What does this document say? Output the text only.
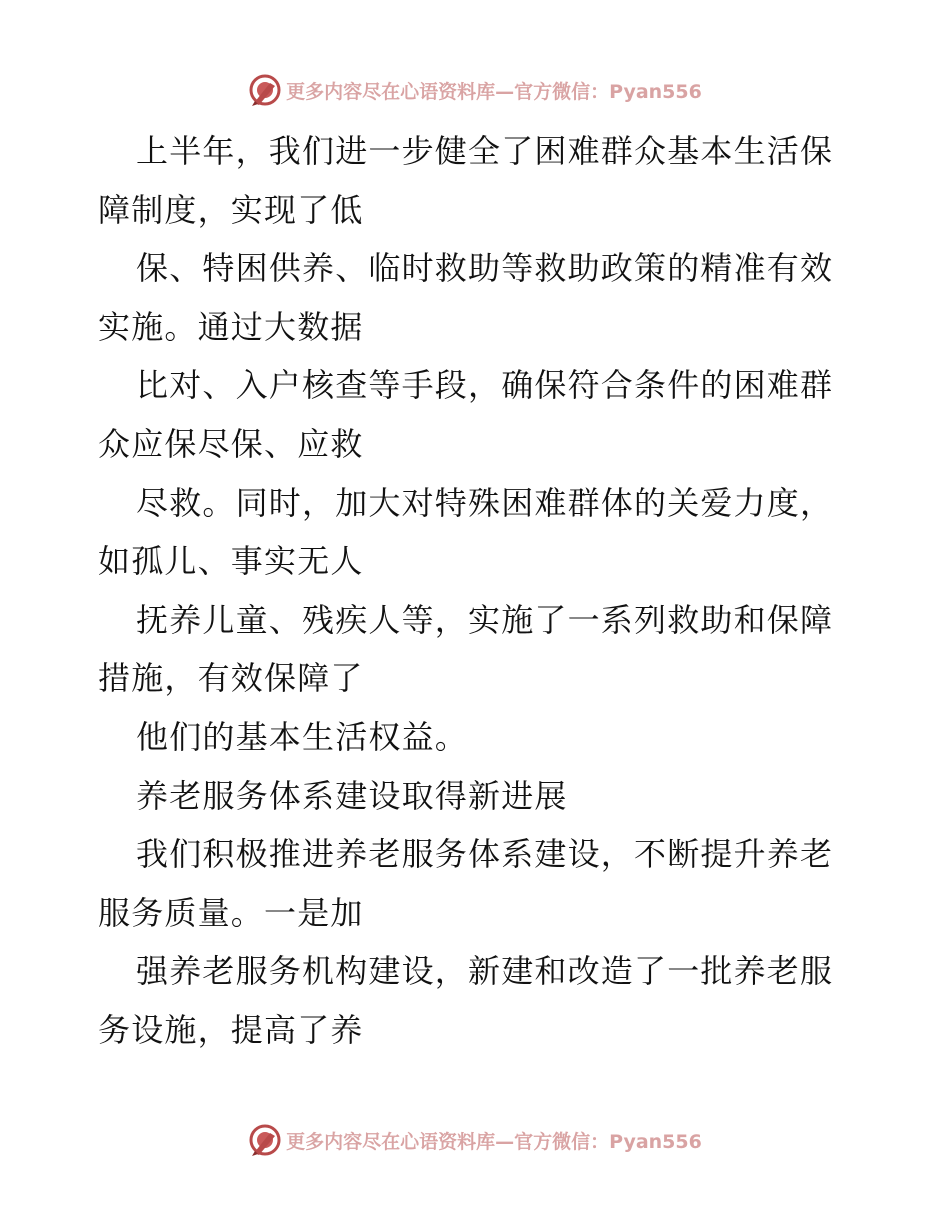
更多内容尽在心语资料库—官方微信：Pyan556
上半年，我们进一步健全了困难群众基本生活保
障制度，实现了低
保、特困供养、临时救助等救助政策的精准有效
实施。通过大数据
比对、入户核查等手段，确保符合条件的困难群
众应保尽保、应救
尽救。同时，加大对特殊困难群体的关爱力度，
如孤儿、事实无人
抚养儿童、残疾人等，实施了一系列救助和保障
措施，有效保障了
他们的基本生活权益。
养老服务体系建设取得新进展
我们积极推进养老服务体系建设，不断提升养老
服务质量。一是加
强养老服务机构建设，新建和改造了一批养老服
务设施，提高了养
更多内容尽在心语资料库—官方微信：Pyan556
